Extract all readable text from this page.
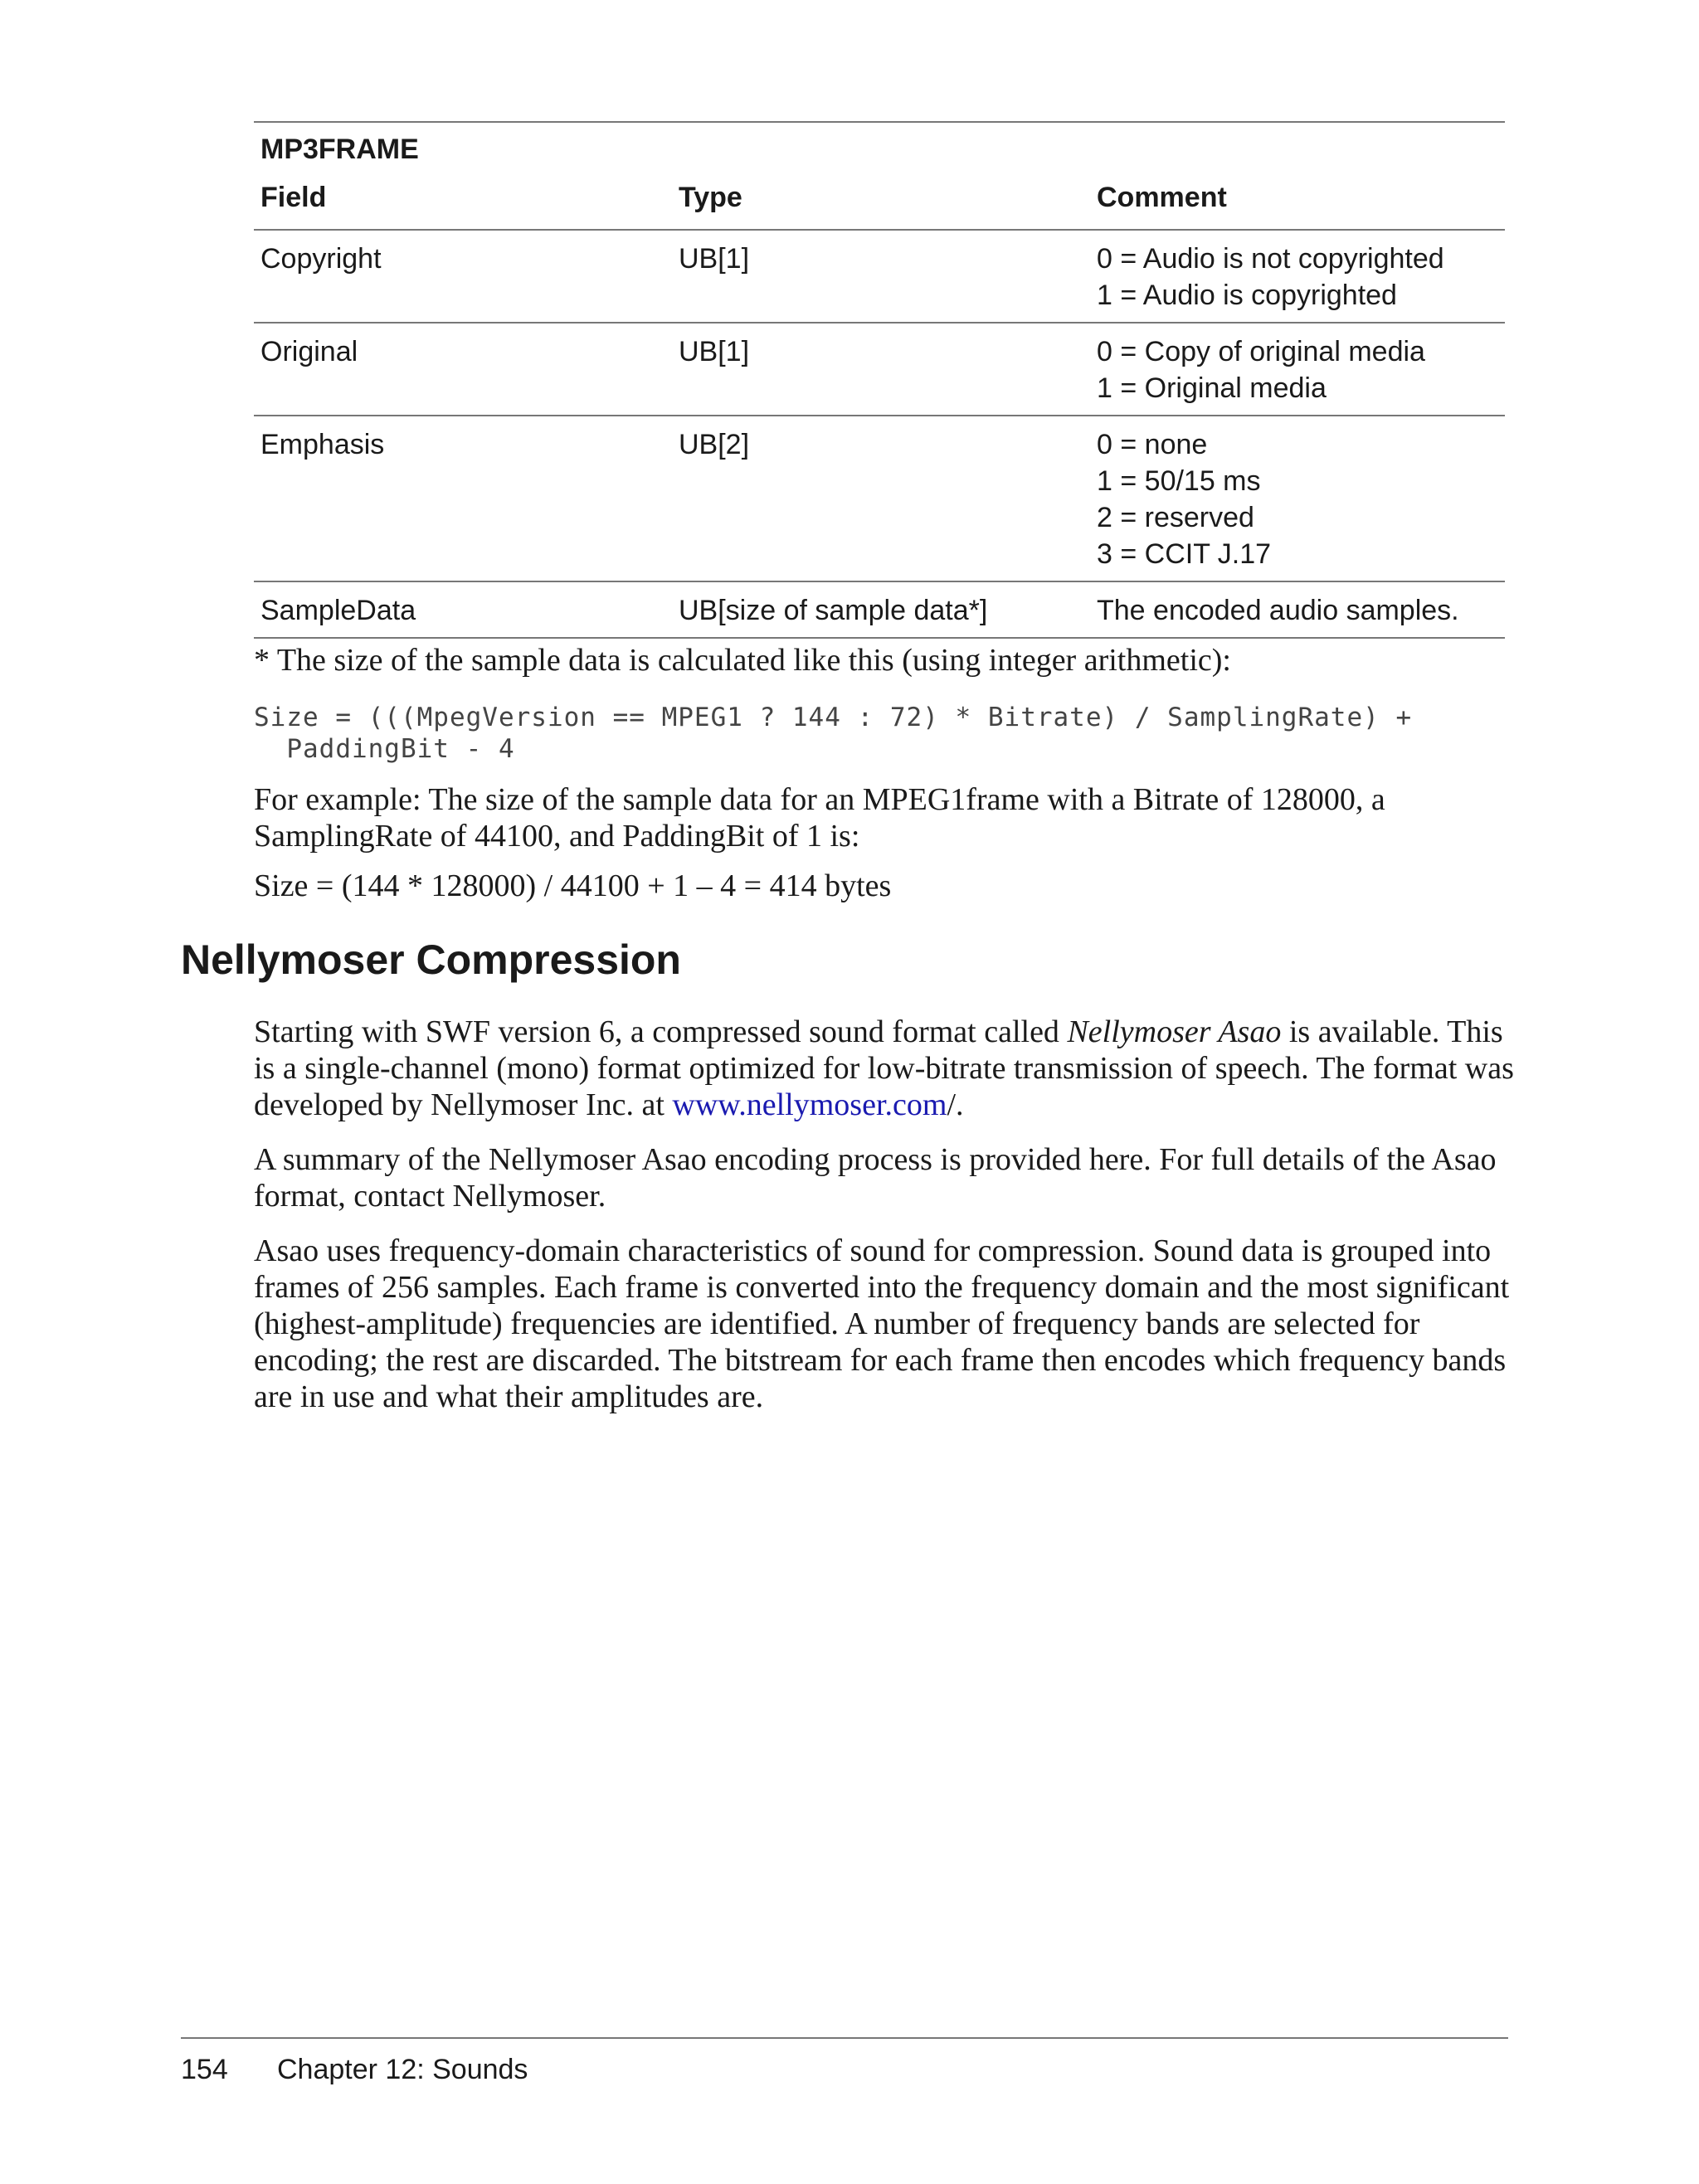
MP3FRAME
Field	Type	Comment
Copyright	UB[1]	0 = Audio is not copyrighted
1 = Audio is copyrighted
Original	UB[1]	0 = Copy of original media
1 = Original media
Emphasis	UB[2]	0 = none
1 = 50/15 ms
2 = reserved
3 = CCIT J.17
SampleData	UB[size of sample data*]	The encoded audio samples.
* The size of the sample data is calculated like this (using integer arithmetic):
Size = (((MpegVersion == MPEG1 ? 144 : 72) * Bitrate) / SamplingRate) +
PaddingBit - 4
For example: The size of the sample data for an MPEG1frame with a Bitrate of 128000, a SamplingRate of 44100, and PaddingBit of 1 is:
Size = (144 * 128000) / 44100 + 1 – 4 = 414 bytes
Nellymoser Compression

Starting with SWF version 6, a compressed sound format called Nellymoser Asao is available. This is a single-channel (mono) format optimized for low-bitrate transmission of speech. The format was developed by Nellymoser Inc. at www.nellymoser.com/.

A summary of the Nellymoser Asao encoding process is provided here. For full details of the Asao format, contact Nellymoser.

Asao uses frequency-domain characteristics of sound for compression. Sound data is grouped into frames of 256 samples. Each frame is converted into the frequency domain and the most significant (highest-amplitude) frequencies are identified. A number of frequency bands are selected for encoding; the rest are discarded. The bitstream for each frame then encodes which frequency bands are in use and what their amplitudes are.

154 Chapter 12: Sounds
